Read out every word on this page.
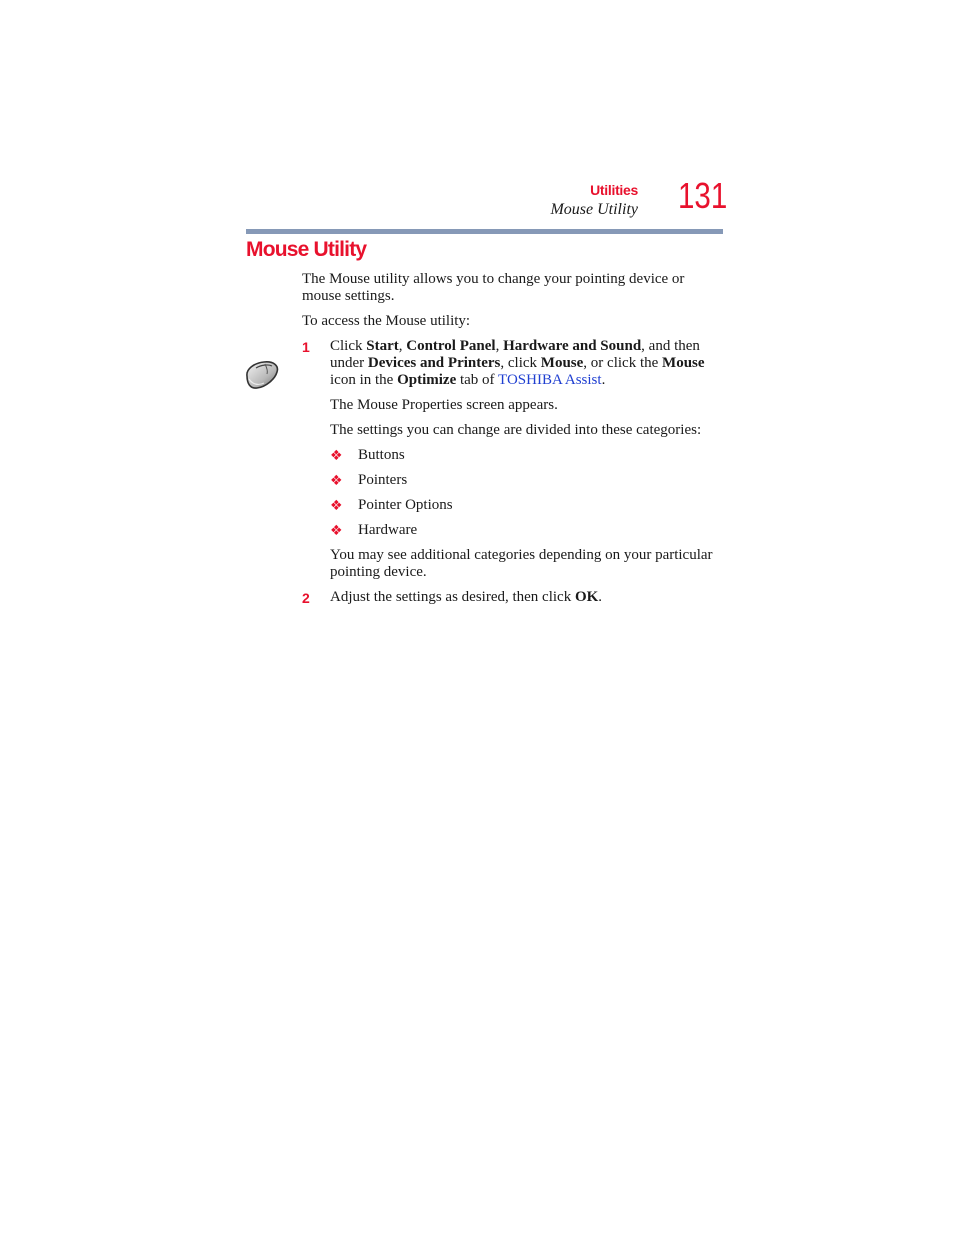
Utilities
Mouse Utility 131
Mouse Utility

The Mouse utility allows you to change your pointing device or mouse settings.

To access the Mouse utility:

1 Click Start, Control Panel, Hardware and Sound, and then under Devices and Printers, click Mouse, or click the Mouse icon in the Optimize tab of TOSHIBA Assist.

The Mouse Properties screen appears.

The settings you can change are divided into these categories:

❖ Buttons
❖ Pointers
❖ Pointer Options
❖ Hardware

You may see additional categories depending on your particular pointing device.

2 Adjust the settings as desired, then click OK.
